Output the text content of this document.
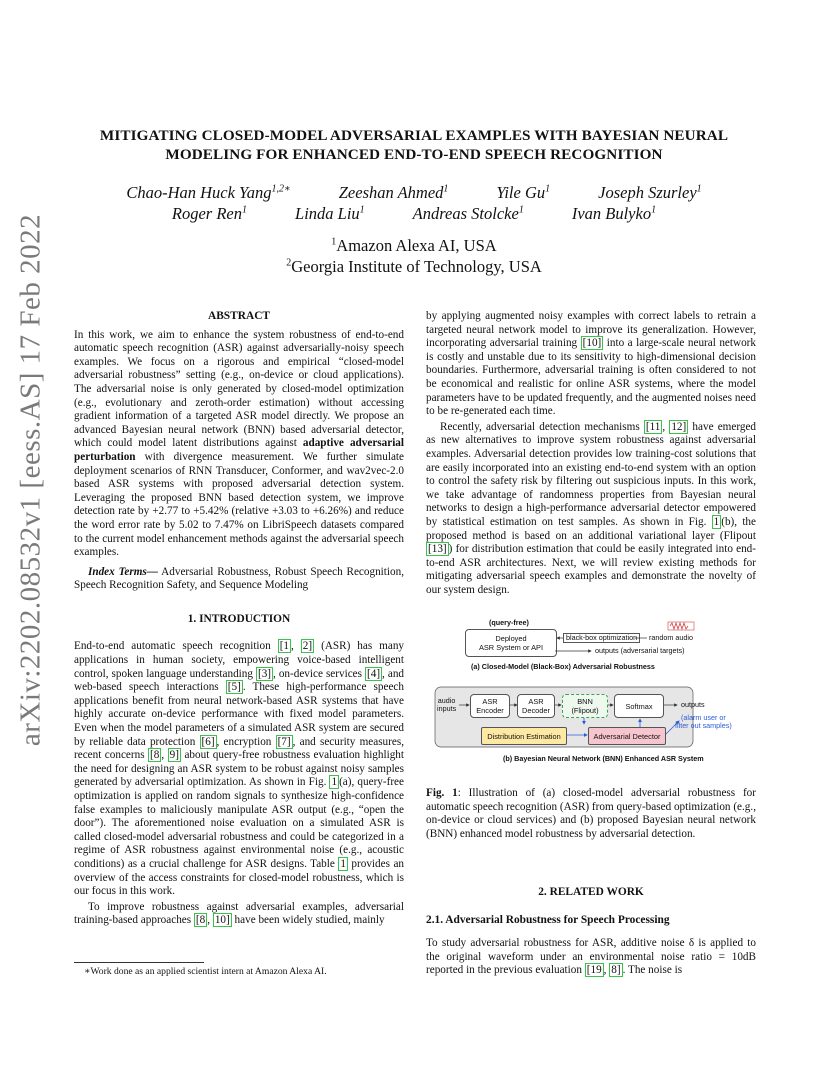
arXiv:2202.08532v1 [eess.AS] 17 Feb 2022
MITIGATING CLOSED-MODEL ADVERSARIAL EXAMPLES WITH BAYESIAN NEURAL
MODELING FOR ENHANCED END-TO-END SPEECH RECOGNITION
Chao-Han Huck Yang$^{1,2∗}$	Zeeshan Ahmed$^1$	Yile Gu$^1$	Joseph Szurley$^1$
Roger Ren$^1$	Linda Liu$^1$	Andreas Stolcke$^1$	Ivan Bulyko$^1$
$^1$Amazon Alexa AI, USA
$^2$Georgia Institute of Technology, USA
ABSTRACT

In this work, we aim to enhance the system robustness of end-to-end automatic speech recognition (ASR) against adversarially-noisy speech examples. We focus on a rigorous and empirical “closed-model adversarial robustness” setting (e.g., on-device or cloud applications). The adversarial noise is only generated by closed-model optimization (e.g., evolutionary and zeroth-order estimation) without accessing gradient information of a targeted ASR model directly. We propose an advanced Bayesian neural network (BNN) based adversarial detector, which could model latent distributions against adaptive adversarial perturbation with divergence measurement. We further simulate deployment scenarios of RNN Transducer, Conformer, and wav2vec-2.0 based ASR systems with proposed adversarial detection system. Leveraging the proposed BNN based detection system, we improve detection rate by +2.77 to +5.42% (relative +3.03 to +6.26%) and reduce the word error rate by 5.02 to 7.47% on LibriSpeech datasets compared to the current model enhancement methods against the adversarial speech examples.

Index Terms— Adversarial Robustness, Robust Speech Recognition, Speech Recognition Safety, and Sequence Modeling

1. INTRODUCTION

End-to-end automatic speech recognition [1 , 2] (ASR) has many applications in human society, empowering voice-based intelligent control, spoken language understanding [3] , on-device services [4] , and web-based speech interactions [5] . These high-performance speech applications benefit from neural network-based ASR systems that have highly accurate on-device performance with fixed model parameters. Even when the model parameters of a simulated ASR system are secured by reliable data protection [6] , encryption [7] , and security measures, recent concerns [8 , 9] about query-free robustness evaluation highlight the need for designing an ASR system to be robust against noisy samples generated by adversarial optimization. As shown in Fig. 1 (a), query-free optimization is applied on random signals to synthesize high-confidence false examples to maliciously manipulate ASR output (e.g., “open the door”). The aforementioned noise evaluation on a simulated ASR is called closed-model adversarial robustness and could be categorized in a regime of ASR robustness against environmental noise (e.g., acoustic conditions) as a crucial challenge for ASR designs. Table 1 provides an overview of the access constraints for closed-model robustness, which is our focus in this work.

To improve robustness against adversarial examples, adversarial training-based approaches [8 , 10] have been widely studied, mainly

∗Work done as an applied scientist intern at Amazon Alexa AI.

by applying augmented noisy examples with correct labels to retrain a targeted neural network model to improve its generalization. However, incorporating adversarial training [10] into a large-scale neural network is costly and unstable due to its sensitivity to high-dimensional decision boundaries. Furthermore, adversarial training is often considered to not be economical and realistic for online ASR systems, where the model parameters have to be updated frequently, and the augmented noises need to be re-generated each time.

Recently, adversarial detection mechanisms [11 , 12] have emerged as new alternatives to improve system robustness against adversarial examples. Adversarial detection provides low training-cost solutions that are easily incorporated into an existing end-to-end system with an option to control the safety risk by filtering out suspicious inputs. In this work, we take advantage of randomness properties from Bayesian neural networks to design a high-performance adversarial detector empowered by statistical estimation on test samples. As shown in Fig. 1 (b), the proposed method is based on an additional variational layer (Flipout [13] ) for distribution estimation that could be easily integrated into end-to-end ASR architectures. Next, we will review existing methods for mitigating adversarial speech examples and demonstrate the novelty of our system design.

(query-free)
Deployed
ASR System or API
black-box optimization	random audio
outputs (adversarial targets)
(a) Closed-Model (Black-Box) Adversarial Robustness
audio
inputs
ASR
Encoder
ASR
Decoder
BNN
(Flipout)	Softmax	outputs
(alarm user or
filter out samples)
Distribution Estimation	Adversarial Detector
(b) Bayesian Neural Network (BNN) Enhanced ASR System
Fig. 1: Illustration of (a) closed-model adversarial robustness for automatic speech recognition (ASR) from query-based optimization (e.g., on-device or cloud services) and (b) proposed Bayesian neural network (BNN) enhanced model robustness by adversarial detection.
2. RELATED WORK
2.1. Adversarial Robustness for Speech Processing

To study adversarial robustness for ASR, additive noise δ is applied to the original waveform under an environmental noise ratio = 10dB reported in the previous evaluation [19 , 8] . The noise is
